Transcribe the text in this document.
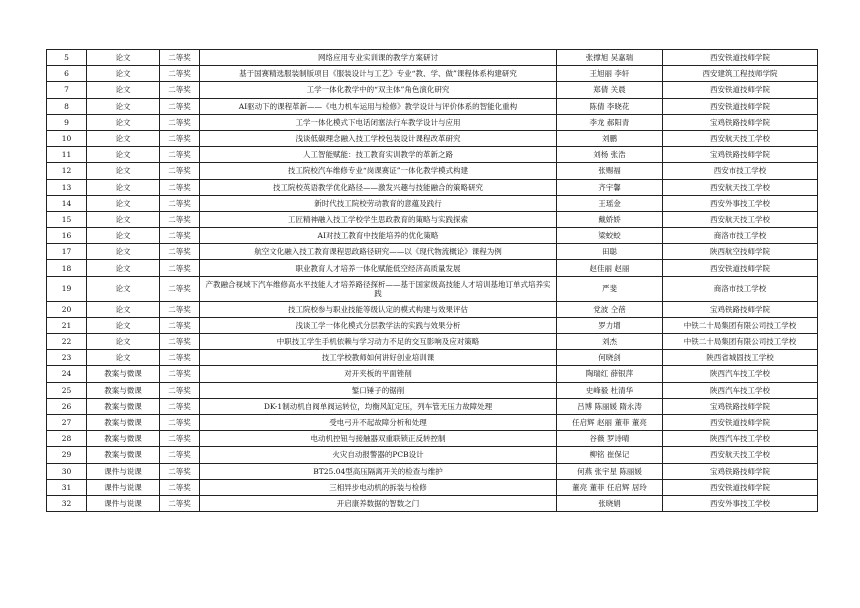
5	论文	二等奖	网络应用专业实训课的教学方案研讨	张撑旭 吴嘉瑞	西安铁道技师学院
6	论文	二等奖	基于国赛精选服装制版项目《服装设计与工艺》专业“教、学、做”课程体系构建研究	王旭丽 李轩	西安建筑工程技师学院
7	论文	二等奖	工学一体化教学中的“双主体”角色演化研究	郑倩 关晨	西安铁道技师学院
8	论文	二等奖	AI驱动下的课程革新——《电力机车运用与检修》教学设计与评价体系的智能化重构	陈倩 李晓花	西安铁道技师学院
9	论文	二等奖	工学一体化模式下电话闭塞法行车教学设计与应用	李龙 郝阳青	宝鸡铁路技师学院
10	论文	二等奖	浅谈低碳理念融入技工学校包装设计课程改革研究	刘鹏	西安航天技工学校
11	论文	二等奖	人工智能赋能：技工教育实训教学的革新之路	刘杨 张浩	宝鸡铁路技师学院
12	论文	二等奖	技工院校汽车维修专业“岗课赛证”一体化教学模式构建	张赐福	西安市技工学校
13	论文	二等奖	技工院校英语教学优化路径——激发兴趣与技能融合的策略研究	齐宇馨	西安航天技工学校
14	论文	二等奖	新时代技工院校劳动教育的意蕴及践行	王瑶金	西安外事技工学校
15	论文	二等奖	工匠精神融入技工学校学生思政教育的策略与实践探索	戴娇娇	西安航天技工学校
16	论文	二等奖	AI对技工教育中技能培养的优化策略	梁蛟蛟	商洛市技工学校
17	论文	二等奖	航空文化融入技工教育课程思政路径研究——以《现代物流概论》课程为例	田聪	陕西航空技师学院
18	论文	二等奖	职业教育人才培养一体化赋能低空经济高质量发展	赵佳丽 赵丽	西安铁道技师学院
19	论文	二等奖	产教融合视域下汽车维修高水平技能人才培养路径探析——基于国家级高技能人才培训基地订单式培养实践	严斐	商洛市技工学校
20	论文	二等奖	技工院校参与职业技能等级认定的模式构建与效果评估	党波 仝蓓	宝鸡铁路技师学院
21	论文	二等奖	浅谈工学一体化模式分层教学法的实践与效果分析	罗力增	中铁二十局集团有限公司技工学校
22	论文	二等奖	中职技工学生手机依赖与学习动力不足的交互影响及应对策略	刘杰	中铁二十局集团有限公司技工学校
23	论文	二等奖	技工学校教师如何讲好创业培训课	何晓剑	陕西省城固技工学校
24	教案与微课	二等奖	对开夹板的平面锉削	陶瑞红 薛银萍	陕西汽车技工学校
25	教案与微课	二等奖	錾口锤子的锯削	史峰毅 杜清华	陕西汽车技工学校
26	教案与微课	二等奖	DK-1制动机自阀单阀运转位，均衡风缸定压，列车管无压力故障处理	吕博 陈丽媛 隋永涛	宝鸡铁路技师学院
27	教案与微课	二等奖	受电弓升不起故障分析和处理	任启辉 赵丽 董菲 董亮	西安铁道技师学院
28	教案与微课	二等奖	电动机控钮与接触器双重联锁正反转控制	谷薇 罗诗晴	陕西汽车技工学校
29	教案与微课	二等奖	火灾自动报警器的PCB设计	柳铭 崔保记	西安航天技工学校
30	课件与说课	二等奖	BT25.04型高压隔离开关的检查与维护	何燕 张宇星 陈丽媛	宝鸡铁路技师学院
31	课件与说课	二等奖	三相异步电动机的拆装与检修	董亮 董菲 任启辉 居玲	西安铁道技师学院
32	课件与说课	二等奖	开启康养数据的智数之门	张晓娟	西安外事技工学校
